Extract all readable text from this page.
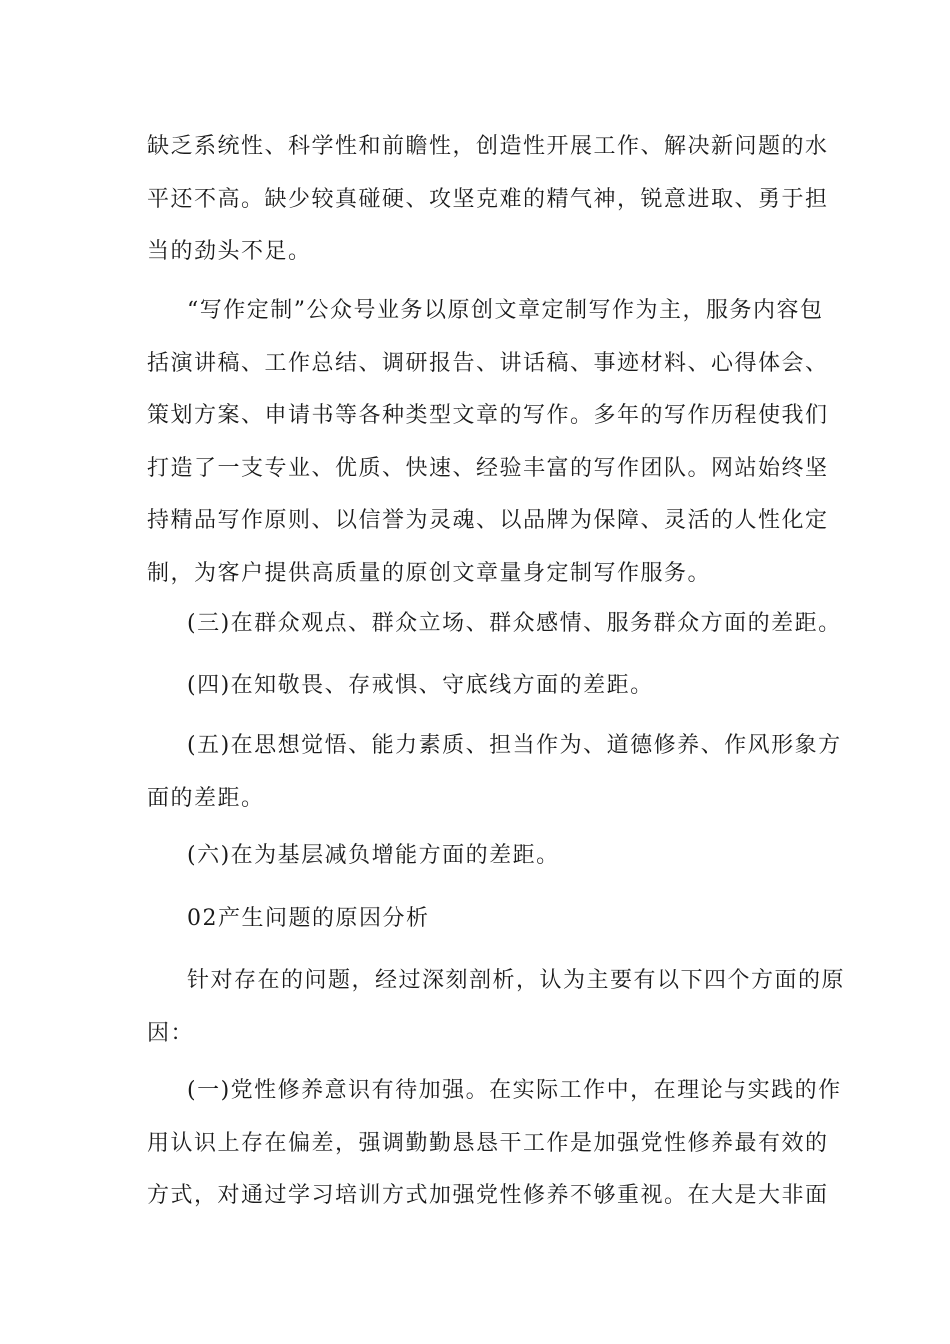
缺乏系统性、科学性和前瞻性，创造性开展工作、解决新问题的水
平还不高。缺少较真碰硬、攻坚克难的精气神，锐意进取、勇于担
当的劲头不足。
“写作定制”公众号业务以原创文章定制写作为主，服务内容包
括演讲稿、工作总结、调研报告、讲话稿、事迹材料、心得体会、
策划方案、申请书等各种类型文章的写作。多年的写作历程使我们
打造了一支专业、优质、快速、经验丰富的写作团队。网站始终坚
持精品写作原则、以信誉为灵魂、以品牌为保障、灵活的人性化定
制，为客户提供高质量的原创文章量身定制写作服务。
(三)在群众观点、群众立场、群众感情、服务群众方面的差距。
(四)在知敬畏、存戒惧、守底线方面的差距。
(五)在思想觉悟、能力素质、担当作为、道德修养、作风形象方
面的差距。
(六)在为基层减负增能方面的差距。
02产生问题的原因分析
针对存在的问题，经过深刻剖析，认为主要有以下四个方面的原
因：
(一)党性修养意识有待加强。在实际工作中，在理论与实践的作
用认识上存在偏差，强调勤勤恳恳干工作是加强党性修养最有效的
方式，对通过学习培训方式加强党性修养不够重视。在大是大非面
